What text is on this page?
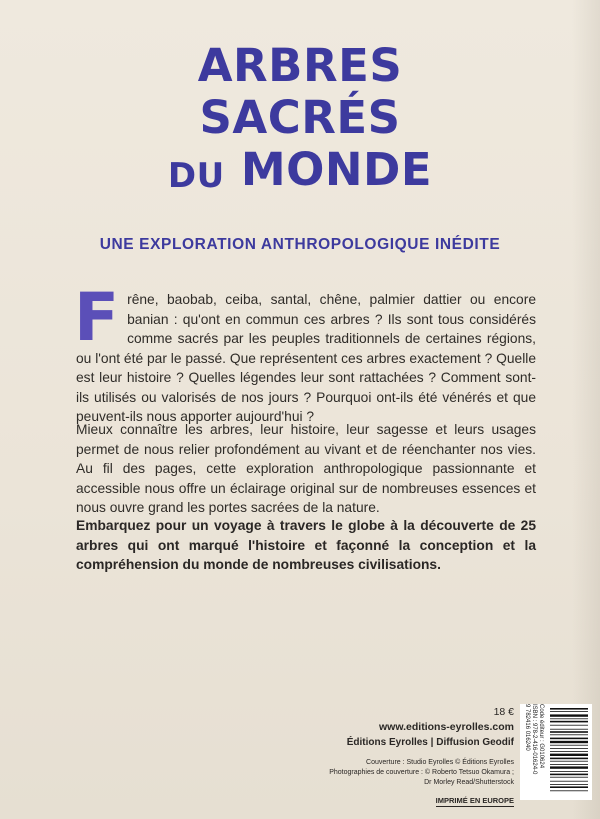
ARBRES
SACRÉS
$^{DU}$ MONDE
UNE EXPLORATION ANTHROPOLOGIQUE INÉDITE
Frêne, baobab, ceiba, santal, chêne, palmier dattier ou encore banian : qu'ont en commun ces arbres ? Ils sont tous considérés comme sacrés par les peuples traditionnels de certaines régions, ou l'ont été par le passé. Que représentent ces arbres exactement ? Quelle est leur histoire ? Quelles légendes leur sont rattachées ? Comment sont-ils utilisés ou valorisés de nos jours ? Pourquoi ont-ils été vénérés et que peuvent-ils nous apporter aujourd'hui ?
Mieux connaître les arbres, leur histoire, leur sagesse et leurs usages permet de nous relier profondément au vivant et de réenchanter nos vies. Au fil des pages, cette exploration anthropologique passionnante et accessible nous offre un éclairage original sur de nombreuses essences et nous ouvre grand les portes sacrées de la nature.
Embarquez pour un voyage à travers le globe à la découverte de 25 arbres qui ont marqué l'histoire et façonné la conception et la compréhension du monde de nombreuses civilisations.
18 €
www.editions-eyrolles.com
Éditions Eyrolles | Diffusion Geodif
Couverture : Studio Eyrolles © Éditions Eyrolles
Photographies de couverture : © Roberto Tetsuo Okamura ;
Dr Morley Read/Shutterstock
IMPRIMÉ EN EUROPE
Code éditeur : G010624
ISBN : 978-2-416-01624-0
9 782416 016240
